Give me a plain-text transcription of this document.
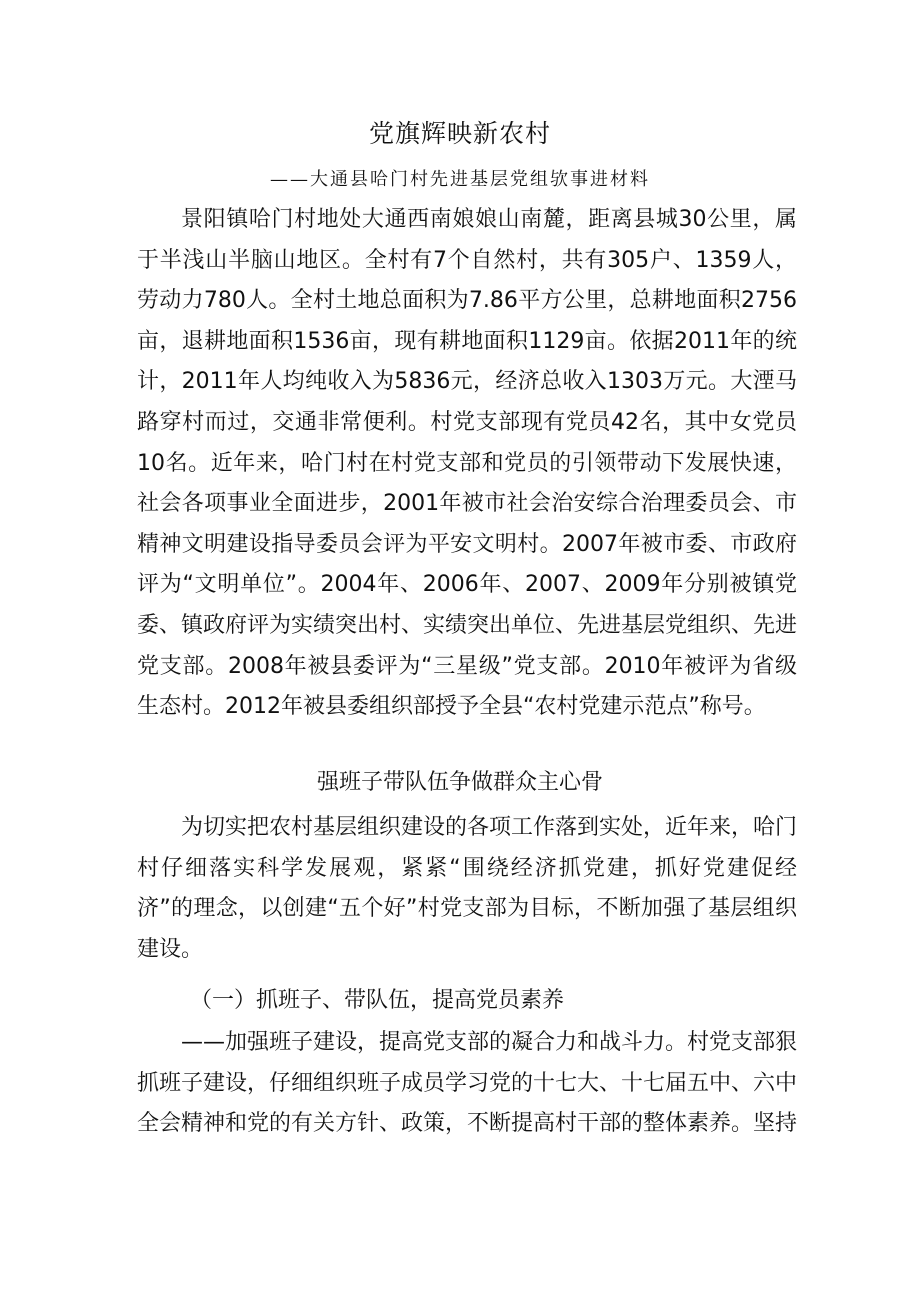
党旗辉映新农村
——大通县哈门村先进基层党组欤事进材料

景阳镇哈门村地处大通西南娘娘山南麓，距离县城30公里，属于半浅山半脑山地区。全村有7个自然村，共有305户、1359人，劳动力780人。全村土地总面积为7.86平方公里，总耕地面积2756亩，退耕地面积1536亩，现有耕地面积1129亩。依据2011年的统计，2011年人均纯收入为5836元，经济总收入1303万元。大湮马路穿村而过，交通非常便利。村党支部现有党员42名，其中女党员10名。近年来，哈门村在村党支部和党员的引领带动下发展快速，社会各项事业全面进步，2001年被市社会治安综合治理委员会、市精神文明建设指导委员会评为平安文明村。2007年被市委、市政府评为“文明单位”。2004年、2006年、2007、2009年分别被镇党委、镇政府评为实绩突出村、实绩突出单位、先进基层党组织、先进党支部。2008年被县委评为“三星级”党支部。2010年被评为省级生态村。2012年被县委组织部授予全县“农村党建示范点”称号。

强班子带队伍争做群众主心骨

为切实把农村基层组织建设的各项工作落到实处，近年来，哈门村仔细落实科学发展观，紧紧“围绕经济抓党建，抓好党建促经济”的理念，以创建“五个好”村党支部为目标，不断加强了基层组织建设。

（一）抓班子、带队伍，提高党员素养

——加强班子建设，提高党支部的凝合力和战斗力。村党支部狠抓班子建设，仔细组织班子成员学习党的十七大、十七届五中、六中全会精神和党的有关方针、政策，不断提高村干部的整体素养。坚持
